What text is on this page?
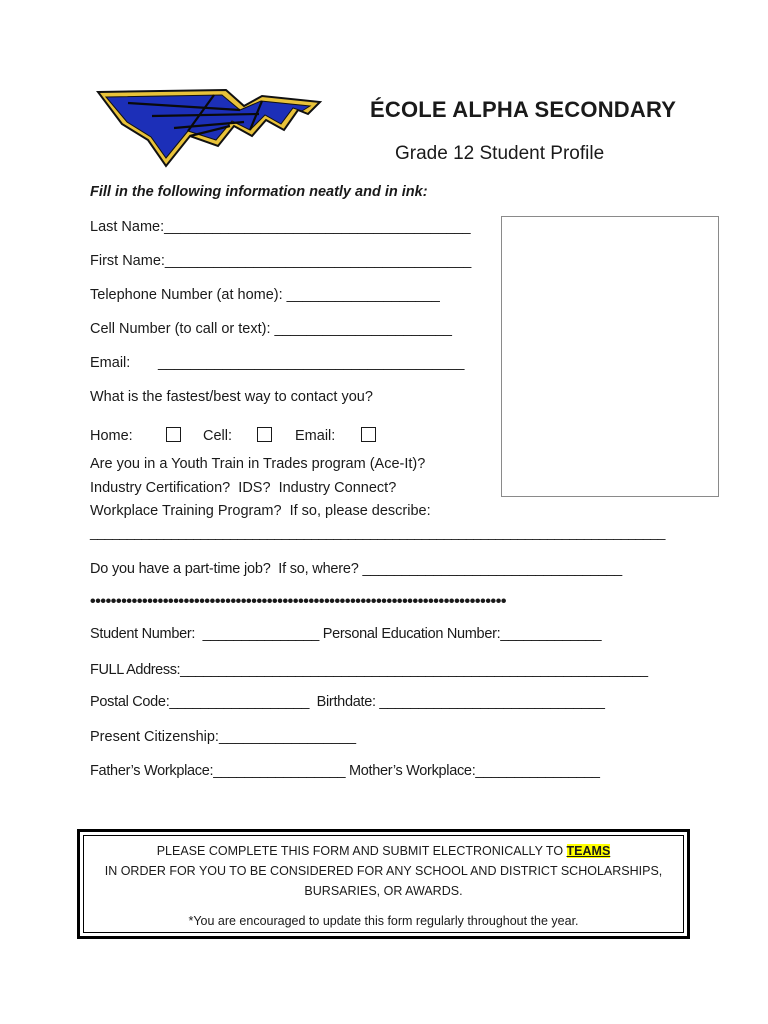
ÉCOLE ALPHA SECONDARY
Grade 12 Student Profile
Fill in the following information neatly and in ink:
Last Name:______________________________________
First Name:______________________________________
Telephone Number (at home): ___________________
Cell Number (to call or text): ______________________
Email: ______________________________________
What is the fastest/best way to contact you?
Home:	Cell:	Email:
Are you in a Youth Train in Trades program (Ace-It)?
Industry Certification?  IDS?  Industry Connect?
Workplace Training Program?  If so, please describe:
______________________________________________________________________________
Do you have a part-time job?  If so, where? _________________________________
••••••••••••••••••••••••••••••••••••••••••••••••••••••••••••••••••••••••••••••••
Student Number:  _______________ Personal Education Number:_____________
FULL Address:_____________________________________________________________
Postal Code:__________________  Birthdate: _____________________________
Present Citizenship:_________________
Father’s Workplace:_________________ Mother’s Workplace:________________
PLEASE COMPLETE THIS FORM AND SUBMIT ELECTRONICALLY TO TEAMS
IN ORDER FOR YOU TO BE CONSIDERED FOR ANY SCHOOL AND DISTRICT SCHOLARSHIPS,
BURSARIES, OR AWARDS.
*You are encouraged to update this form regularly throughout the year.
